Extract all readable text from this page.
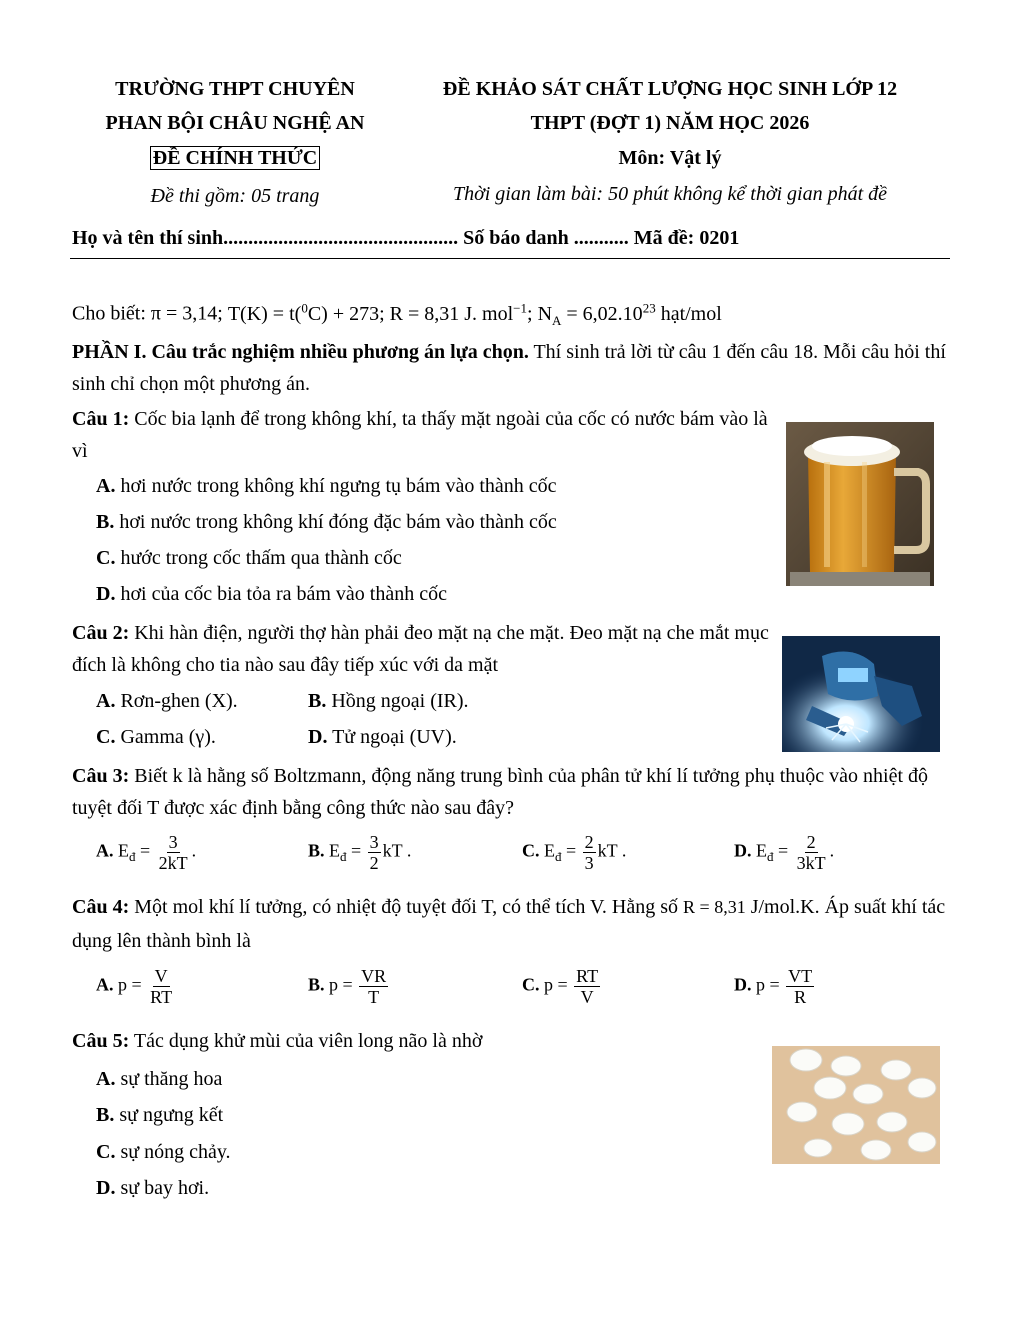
TRƯỜNG THPT CHUYÊN
PHAN BỘI CHÂU NGHỆ AN
ĐỀ CHÍNH THỨC
Đề thi gồm: 05 trang
ĐỀ KHẢO SÁT CHẤT LƯỢNG HỌC SINH LỚP 12
THPT (ĐỢT 1) NĂM HỌC 2026
Môn: Vật lý
Thời gian làm bài: 50 phút không kể thời gian phát đề
Họ và tên thí sinh............................................... Số báo danh ........... Mã đề: 0201
Cho biết: π = 3,14; T(K) = t($^0$C) + 273; R = 8,31 J. mol$^{-1}$; $N_A = 6,02.10^{23}$ hạt/mol
PHẦN I. Câu trắc nghiệm nhiều phương án lựa chọn. Thí sinh trả lời từ câu 1 đến câu 18. Mỗi câu hỏi thí sinh chỉ chọn một phương án.
Câu 1: Cốc bia lạnh để trong không khí, ta thấy mặt ngoài của cốc có nước bám vào là vì
A. hơi nước trong không khí ngưng tụ bám vào thành cốc
B. hơi nước trong không khí đóng đặc bám vào thành cốc
C. hước trong cốc thấm qua thành cốc
D. hơi của cốc bia tỏa ra bám vào thành cốc
Câu 2: Khi hàn điện, người thợ hàn phải đeo mặt nạ che mặt. Đeo mặt nạ che mắt mục đích là không cho tia nào sau đây tiếp xúc với da mặt
A. Rơn-ghen (X).	B. Hồng ngoại (IR).
C. Gamma (γ).	D. Tử ngoại (UV).
Câu 3: Biết k là hằng số Boltzmann, động năng trung bình của phân tử khí lí tưởng phụ thuộc vào nhiệt độ tuyệt đối T được xác định bằng công thức nào sau đây?
A. $E_đ = \frac{3}{2kT}$ .	B. $E_đ = \frac{3}{2}$ kT .	C. $E_đ = \frac{2}{3}$ kT .	D. $E_đ = \frac{2}{3kT}$ .
Câu 4: Một mol khí lí tưởng, có nhiệt độ tuyệt đối T, có thể tích V. Hằng số R = 8,31 J/mol.K. Áp suất khí tác dụng lên thành bình là
A. $p = \frac{V}{RT}$	B. $p = \frac{VR}{T}$	C. $p = \frac{RT}{V}$	D. $p = \frac{VT}{R}$
Câu 5: Tác dụng khử mùi của viên long não là nhờ
A. sự thăng hoa
B. sự ngưng kết
C. sự nóng chảy.
D. sự bay hơi.
